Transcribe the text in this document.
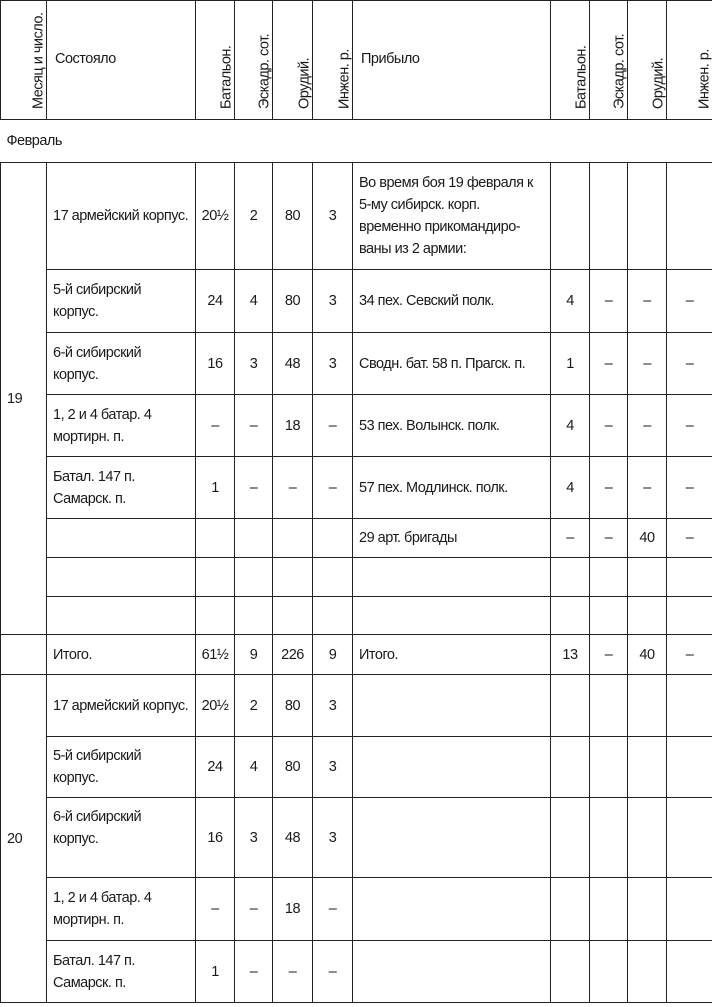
Месяц и число.	Состояло	Батальон.	Эскадр. сот.	Орудий.	Инжен. р.	Прибыло	Батальон.	Эскадр. сот.	Орудий.	Инжен. р.
Февраль										
19	17 армейский корпус.	20½	2	80	3	Во время боя 19 февраля к 5-му сибирск. корп. временно прикомандиро-ваны из 2 армии:				
	5-й сибирский корпус.	24	4	80	3	34 пех. Севский полк.	4	–	–	–
	6-й сибирский корпус.	16	3	48	3	Сводн. бат. 58 п. Прагск. п.	1	–	–	–
	1, 2 и 4 батар. 4 мортирн. п.	–	–	18	–	53 пех. Волынск. полк.	4	–	–	–
	Батал. 147 п. Самарск. п.	1	–	–	–	57 пех. Модлинск. полк.	4	–	–	–
						29 арт. бригады	–	–	40	–

	Итого.	61½	9	226	9	Итого.	13	–	40	–
20	17 армейский корпус.	20½	2	80	3					
	5-й сибирский корпус.	24	4	80	3					
	6-й сибирский корпус.	16	3	48	3					
	1, 2 и 4 батар. 4 мортирн. п.	–	–	18	–					
	Батал. 147 п. Самарск. п.	1	–	–	–					
